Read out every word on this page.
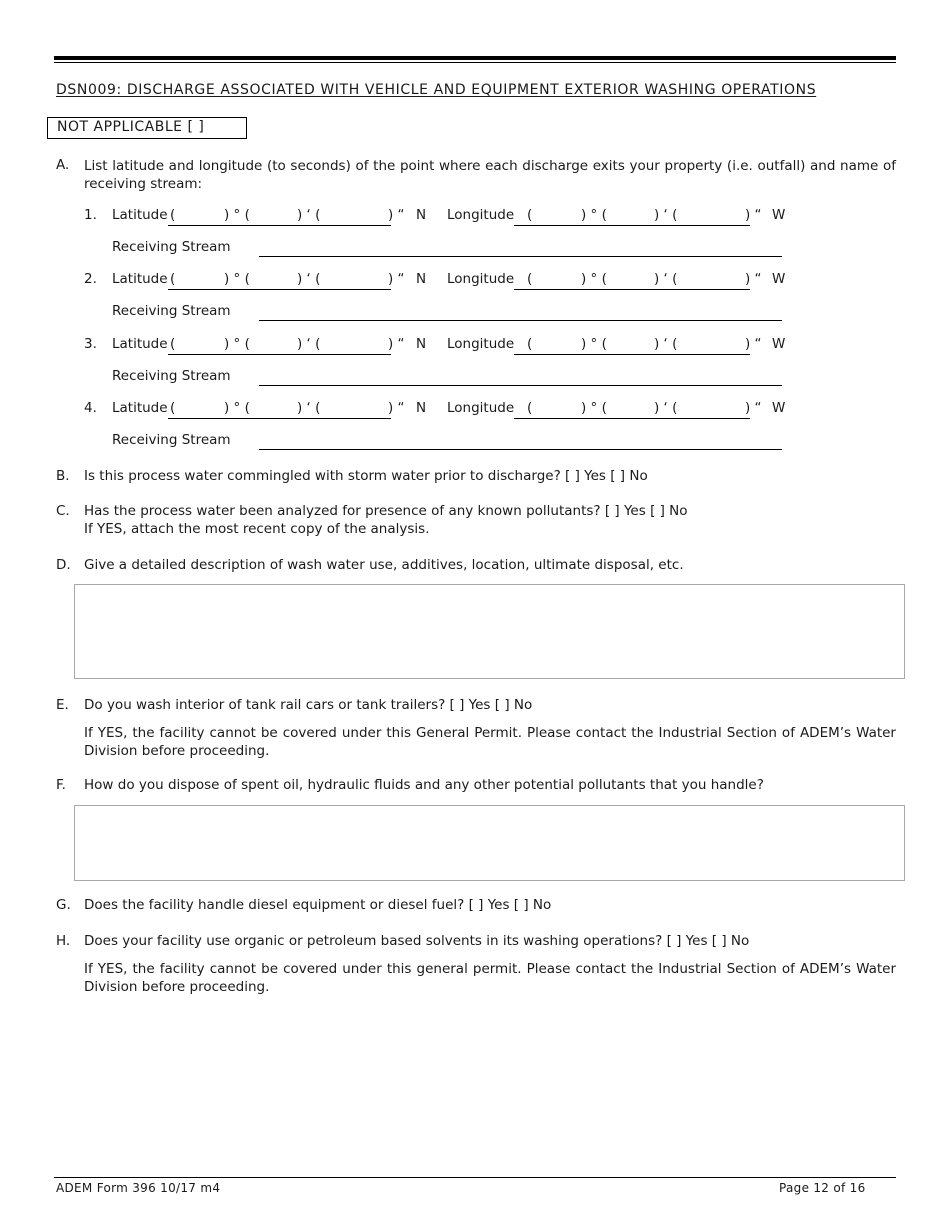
DSN009: DISCHARGE ASSOCIATED WITH VEHICLE AND EQUIPMENT EXTERIOR WASHING OPERATIONS
NOT APPLICABLE [ ]
A. List latitude and longitude (to seconds) of the point where each discharge exits your property (i.e. outfall) and name of receiving stream:
1. Latitude (	) ° (	) ‘ (	) “ N Longitude (	) ° (	) ‘ (	) “ W
Receiving Stream
2. Latitude (	) ° (	) ‘ (	) “ N Longitude (	) ° (	) ‘ (	) “ W
Receiving Stream
3. Latitude (	) ° (	) ‘ (	) “ N Longitude (	) ° (	) ‘ (	) “ W
Receiving Stream
4. Latitude (	) ° (	) ‘ (	) “ N Longitude (	) ° (	) ‘ (	) “ W
Receiving Stream
B. Is this process water commingled with storm water prior to discharge? [ ] Yes [ ] No
C. Has the process water been analyzed for presence of any known pollutants? [ ] Yes [ ] No
If YES, attach the most recent copy of the analysis.
D. Give a detailed description of wash water use, additives, location, ultimate disposal, etc.
E. Do you wash interior of tank rail cars or tank trailers? [ ] Yes [ ] No
If YES, the facility cannot be covered under this General Permit. Please contact the Industrial Section of ADEM’s Water Division before proceeding.
F. How do you dispose of spent oil, hydraulic fluids and any other potential pollutants that you handle?
G. Does the facility handle diesel equipment or diesel fuel? [ ] Yes [ ] No
H. Does your facility use organic or petroleum based solvents in its washing operations? [ ] Yes [ ] No
If YES, the facility cannot be covered under this general permit. Please contact the Industrial Section of ADEM’s Water Division before proceeding.
ADEM Form 396 10/17 m4	Page 12 of 16
